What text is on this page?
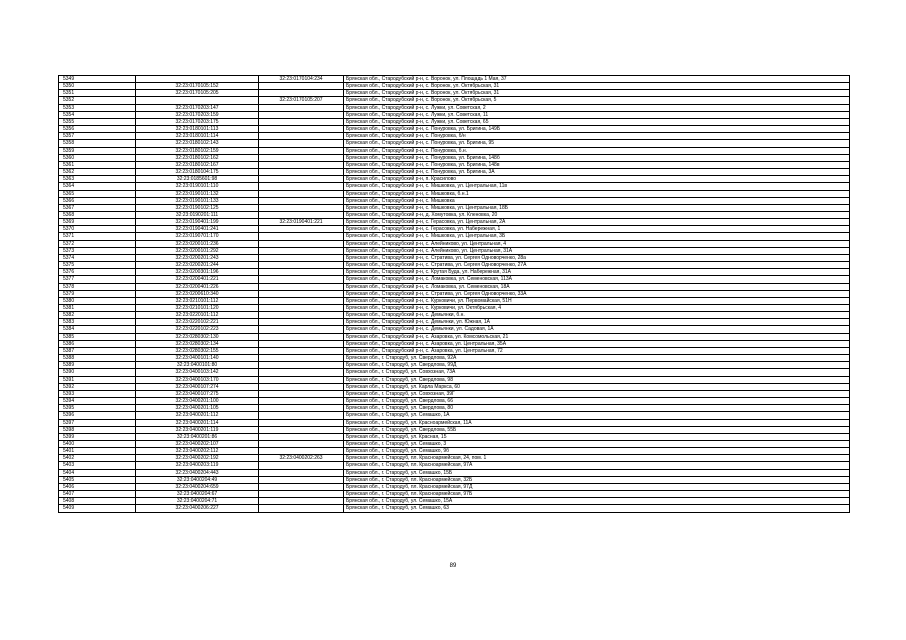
5349		32:23:0170104:234	Брянская обл., Стародубский р-н, с. Воронок, ул. Площадь 1 Мая, 37
5350	32:23:0170105:152		Брянская обл., Стародубский р-н, с. Воронок, ул. Октябрьская, 31
5351	32:23:0170105:205		Брянская обл., Стародубский р-н, с. Воронок, ул. Октябрьская, 31
5352		32:23:0170105:207	Брянская обл., Стародубский р-н, с. Воронок, ул. Октябрьская, 5
5353	32:23:0170203:147		Брянская обл., Стародубский р-н, с. Лужки, ул. Советская, 2
5354	32:23:0170203:159		Брянская обл., Стародубский р-н, с. Лужки, ул. Советская, 11
5355	32:23:0170203:175		Брянская обл., Стародубский р-н, с. Лужки, ул. Советская, 65
5356	32:23:0180101:113		Брянская обл., Стародубский р-н, с. Понуровка, ул. Бригина, 149Б
5357	32:23:0180101:114		Брянская обл., Стародубский р-н, с. Понуровка, б/н
5358	32:23:0180102:143		Брянская обл., Стародубский р-н, с. Понуровка, ул. Бригина, 95
5359	32:23:0180102:159		Брянская обл., Стародубский р-н, с. Понуровка, б.н.
5360	32:23:0180102:162		Брянская обл., Стародубский р-н, с. Понуровка, ул. Бригина, 148б
5361	32:23:0180102:167		Брянская обл., Стародубский р-н, с. Понуровка, ул. Бригина, 148в
5362	32:23:0180104:175		Брянская обл., Стародубский р-н, с. Понуровка, ул. Бригина, 3А
5363	32:23:0185601:98		Брянская обл., Стародубский р-н, п. Красилово
5364	32:23:0190101:110		Брянская обл., Стародубский р-н, с. Мишковка, ул. Центральная, 11в
5365	32:23:0190101:132		Брянская обл., Стародубский р-н, с. Мишковка, б.н.1
5366	32:23:0190101:133		Брянская обл., Стародубский р-н, с. Мишковка
5367	32:23:0190102:125		Брянская обл., Стародубский р-н, с. Мишковка, ул. Центральная, 18Б
5368	32:23:0190201:111		Брянская обл., Стародубский р-н, д. Хомутовка, ул. Кленовка, 20
5369	32:23:0190401:199	32:23:0190401:221	Брянская обл., Стародубский р-н, с. Герасовка, ул. Центральная, 2А
5370	32:23:0190401:241		Брянская обл., Стародубский р-н, с. Герасовка, ул. Набережная, 1
5371	32:23:0190701:170		Брянская обл., Стародубский р-н, с. Мишковка, ул. Центральная, 3Б
5372	32:23:0200101:236		Брянская обл., Стародубский р-н, с. Алейниково, ул. Центральная, 4
5373	32:23:0200101:292		Брянская обл., Стародубский р-н, с. Алейниково, ул. Центральная, 31А
5374	32:23:0200201:243		Брянская обл., Стародубский р-н, с. Стратива, ул. Сергея Одноворченко, 28а
5375	32:23:0200201:244		Брянская обл., Стародубский р-н, с. Стратива, ул. Сергея Одноворченко, 27А
5376	32:23:0200301:196		Брянская обл., Стародубский р-н, с. Крутая Буда, ул. Набережная, 31А
5377	32:23:0200401:221		Брянская обл., Стародубский р-н, с. Ломаковка, ул. Семеновская, 113А
5378	32:23:0200401:226		Брянская обл., Стародубский р-н, с. Ломаковка, ул. Семеновская, 18А
5379	32:23:0200610:340		Брянская обл., Стародубский р-н, с. Стратива, ул. Сергея Одноворченко, 33А
5380	32:23:0210101:112		Брянская обл., Стародубский р-н, с. Курковичи, ул. Первомайская, 51Н
5381	32:23:0210101:120		Брянская обл., Стародубский р-н, с. Курковичи, ул. Октябрьская, 4
5382	32:23:0220101:112		Брянская обл., Стародубский р-н, с. Демьянки, б.н.
5383	32:23:0220102:221		Брянская обл., Стародубский р-н, с. Демьянки, ул. Южная, 1А
5384	32:23:0220102:223		Брянская обл., Стародубский р-н, с. Демьянки, ул. Садовая, 1А
5385	32:23:0280302:130		Брянская обл., Стародубский р-н, с. Азаровка, ул. Комсомольская, 21
5386	32:23:0280302:134		Брянская обл., Стародубский р-н, с. Азаровка, ул. Центральная, 35А
5387	32:23:0280302:155		Брянская обл., Стародубский р-н, с. Азаровка, ул. Центральная, 72
5388	32:23:0400101:140		Брянская обл., г. Стародуб, ул. Свердлова, 92А
5389	32:23:0400101:80		Брянская обл., г. Стародуб, ул. Свердлова, 99Д
5390	32:23:0400103:142		Брянская обл., г. Стародуб, ул. Совхозная, 73А
5391	32:23:0400103:170		Брянская обл., г. Стародуб, ул. Свердлова, 98
5392	32:23:0400107:274		Брянская обл., г. Стародуб, ул. Карла Маркса, 60
5393	32:23:0400107:275		Брянская обл., г. Стародуб, ул. Совхозная, 39Г
5394	32:23:0400201:100		Брянская обл., г. Стародуб, ул. Свердлова, 66
5395	32:23:0400201:105		Брянская обл., г. Стародуб, ул. Свердлова, 80
5396	32:23:0400201:112		Брянская обл., г. Стародуб, ул. Семашко, 1А
5397	32:23:0400201:114		Брянская обл., г. Стародуб, ул. Красноармейская, 11А
5398	32:23:0400201:119		Брянская обл., г. Стародуб, ул. Свердлова, 55Б
5399	32:23:0400201:86		Брянская обл., г. Стародуб, ул. Красная, 15
5400	32:23:0400202:107		Брянская обл., г. Стародуб, ул. Семашко, 3
5401	32:23:0400202:112		Брянская обл., г. Стародуб, ул. Семашко, 9б
5402	32:23:0400202:192	32:23:0400202:263	Брянская обл., г. Стародуб, пл. Красноармейская, 24, пом. 1
5403	32:23:0400203:119		Брянская обл., г. Стародуб, пл. Красноармейская, 97А
5404	32:23:0400204:443		Брянская обл., г. Стародуб, ул. Семашко, 15Б
5405	32:23:0400204:49		Брянская обл., г. Стародуб, пл. Красноармейская, 32Б
5406	32:23:0400204:659		Брянская обл., г. Стародуб, пл. Красноармейская, 97Д
5407	32:23:0400204:67		Брянская обл., г. Стародуб, пл. Красноармейская, 97Б
5408	32:23:0400204:71		Брянская обл., г. Стародуб, ул. Семашко, 15А
5409	32:23:0400206:227		Брянская обл., г. Стародуб, ул. Семашко, 63
89
